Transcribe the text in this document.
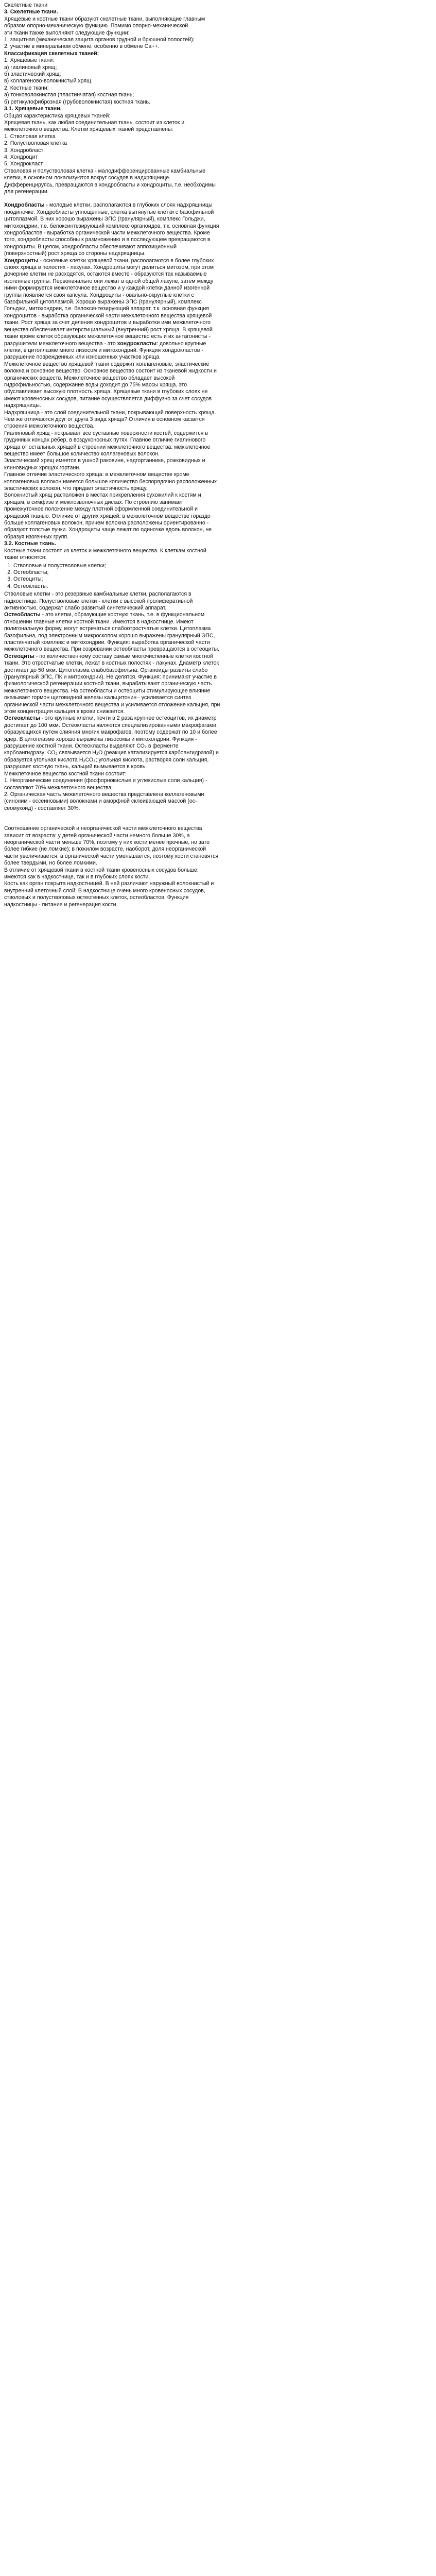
Скелетные ткани

3. Скелетные ткани.

Хрящевые и костные ткани образуют скелетные ткани, выполняющие главным образом опорно-механическую функцию. Помимо опорно-механической

эти ткани также выполняют следующие функции:

1. защитная (механическая защита органов грудной и брюшной полостей);

2. участие в минеральном обмене, особенно в обмене Са++.

Классификация скелетных тканей:

1. Хрящевые ткани:

а) гиалиновый хрящ;

б) эластический хрящ;

в) коллагеново-волокнистый хрящ.

2. Костные ткани:

а) тонковолокнистая (пластинчатая) костная ткань;

б) ретикулофиброзная (грубоволокнистая) костная ткань.

3.1. Хрящевые ткани.

Общая характеристика хрящевых тканей:

Хрящевая ткань, как любая соединительная ткань, состоит из клеток и межклеточного вещества. Клетки хрящевых тканей представлены:

1. Стволовая клетка

2. Полустволовая клетка

3. Хондробласт

4. Хондроцит

5. Хондрокласт

Стволовая и полустволовая клетка - малодифференцированные камбиальные клетки, в основном локализуются вокруг сосудов в надхрящнице. Дифференцируясь, превращаются в хондробласты и хондроциты, т.е. необходимы для регенерации.

Хондробласты - молодые клетки, располагаются в глубоких слоях надхрящницы поодиночке. Хондробласты уплощенные, слегка вытянутые клетки с базофильной цитоплазмой. В них хорошо выражены ЭПС (гранулярный), комплекс Гольджи, митохондрии, т.е. белоксинтезирующий комплекс органоидов, т.к. основная функция хондробластов - выработка органической части межклеточного вещества. Кроме того, хондробласты способны к размножению и в последующем превращаются в хондроциты. В целом, хондробласты обеспечивают аппозиционный (поверхностный) рост хряща со стороны надхрящницы.

Хондроциты - основные клетки хрящевой ткани, располагаются в более глубоких слоях хряща в полостях - лакунах. Хондроциты могут делиться митозом, при этом дочерние клетки не расходятся, остаются вместе - образуются так называемые изогенные группы. Первоначально они лежат в одной общей лакуне, затем между ними формируется межклеточное вещество и у каждой клетки данной изогенной группы появляется своя капсула. Хондроциты - овально-округлые клетки с базофильной цитоплазмой. Хорошо выражены ЭПС (гранулярный), комплекс Гольджи, митохондрии, т.е. белоксинтезирующий аппарат, т.к. основная функция хондроцитов - выработка органической части межклеточного вещества хрящевой ткани. Рост хряща за счет деления хондроцитов и выработки ими межклеточного вещества обеспечивает интерстициальный (внутренний) рост хряща. В хрящевой ткани кроме клеток образующих межклеточное вещество есть и их антагонисты - разрушители межклеточного вещества - это хондрокласты: довольно крупные клетки, в цитоплазме много лизосом и митохондрий. Функция хондрокластов - разрушение поврежденных или изношенных участков хряща.

Межклеточное вещество хрящевой ткани содержит коллагеновые, эластические волокна и основное вещество. Основное вещество состоит из тканевой жидкости и органических веществ. Межклеточное вещество обладает высокой гидрофильностью, содержание воды доходит до 75% массы хряща, это обуславливает высокую плотность хряща. Хрящевые ткани в глубоких слоях не имеют кровеносных сосудов, питание осуществляется диффузно за счет сосудов надхрящницы.

Надхрящница - это слой соединительной ткани, покрывающий поверхность хряща.

Чем же отличаются друг от друга 3 вида хряща? Отличия в основном касается строения межклеточного вещества.

Гиалиновый хрящ - покрывает все суставные поверхности костей, содержится в грудинных концах рёбер, в воздухоносных путях. Главное отличие гиалинового хряща от остальных хрящей в строении межклеточного вещества: межклеточное вещество имеет большое количество коллагеновых волокон.

Эластический хрящ имеется в ушной раковине, надгортаннике, рожковидных и клиновидных хрящах гортани.

Главное отличие эластического хряща: в межклеточном веществе кроме коллагеновых волокон имеется большое количество беспорядочно расположенных эластических волокон, что придает эластичность хрящу.

Волокнистый хрящ расположен в местах прикрепления сухожилий к костям и хрящам, в симфизе и межпозвоночных дисках. По строению занимает промежуточное положение между плотной оформленной соединительной и хрящевой тканью. Отличие от других хрящей: в межклеточном веществе гораздо больше коллагеновых волокон, причем волокна расположены ориентированно - образуют толстые пучки. Хондроциты чаще лежат по одиночке вдоль волокон, не образуя изогенных групп.

3.2. Костные ткань.

Костные ткани состоят из клеток и межклеточного вещества. К клеткам костной ткани относятся:

1. Стволовые и полустволовые клетки;
2. Остеобласты;
3. Остеоциты;
4. Остеокласты.

Стволовые клетки - это резервные камбиальные клетки, располагаются в надкостнице. Полустволовые клетки - клетки с высокой пролиферативной активностью, содержат слабо развитый синтетический аппарат.

Остеобласты - это клетки, образующие костную ткань, т.е. в функциональном отношении главные клетки костной ткани. Имеются в надкостнице. Имеют полигональную форму, могут встречаться слабоотростчатые клетки. Цитоплазма базофильна, под электронным микроскопом хорошо выражены гранулярный ЭПС, пластинчатый комплекс и митохондрии. Функция: выработка органической части межклеточного вещества. При созревании остеобласты превращаются в остеоциты.

Остеоциты - по количественному составу самые многочисленные клетки костной ткани. Это отростчатые клетки, лежат в костных полостях - лакунах. Диаметр клеток достигает до 50 мкм. Цитоплазма слабобазофильна. Органоиды развиты слабо (гранулярный ЭПС, ПК и митохондрии). Не делятся. Функция: принимают участие в физиологической регенерации костной ткани, вырабатывают органическую часть межклеточного вещества. На остеобласты и остеоциты стимулирующее влияние оказывает гормон щитовидной железы кальцитонин - усиливается синтез органической части межклеточного вещества и усиливается отложение кальция, при этом концентрация кальция в крови снижается.

Остеокласты - это крупные клетки, почти в 2 раза крупнее остеоцитов, их диаметр достигает до 100 мкм. Остеокласты являются специализированными макрофагами, образующихся путем слияния многих макрофагов, поэтому содержат по 10 и более ядер. В цитоплазме хорошо выражены лизосомы и митохондрии. Функция - разрушение костной ткани. Остеокласты выделяют СО₂ в ферменте карбоангидразу: СО₂ связывается Н₂О (реакция катализируется карбоангидразой) и образуется угольная кислота Н₂СО₃; угольная кислота, растворяя соли кальция, разрушает костную ткань, кальций вымывается в кровь.

Межклеточное вещество костной ткани состоит:

1. Неорганические соединения (фосфорнокислые и углекислые соли кальция) - составляют 70% межклеточного вещества.

2. Органическая часть межклеточного вещества представлена коллагеновыми (синоним - оссеиновыми) волокнами и аморфной склеивающей массой (ос-сеомукоид) - составляет 30%.

Соотношение органической и неорганической части межклеточного вещества зависит от возраста: у детей органической части немного больше 30%, а неорганической части меньше 70%, поэтому у них кости менее прочные, но зато более гибкие (не ломкие); в пожилом возрасте, наоборот, доля неорганической части увеличивается, а органической части уменьшается, поэтому кости становятся более твердыми, но более ломкими.

В отличие от хрящевой ткани в костной ткани кровеносных сосудов больше: имеются как в надкостнице, так и в глубоких слоях кости.

Кость как орган покрыта надкостницей. В ней различают наружный волокнистый и внутренний клеточный слой. В надкостнице очень много кровеносных сосудов, стволовых и полустволовых остеогенных клеток, остеобластов. Функция надкостницы - питание и регенерация кости.
